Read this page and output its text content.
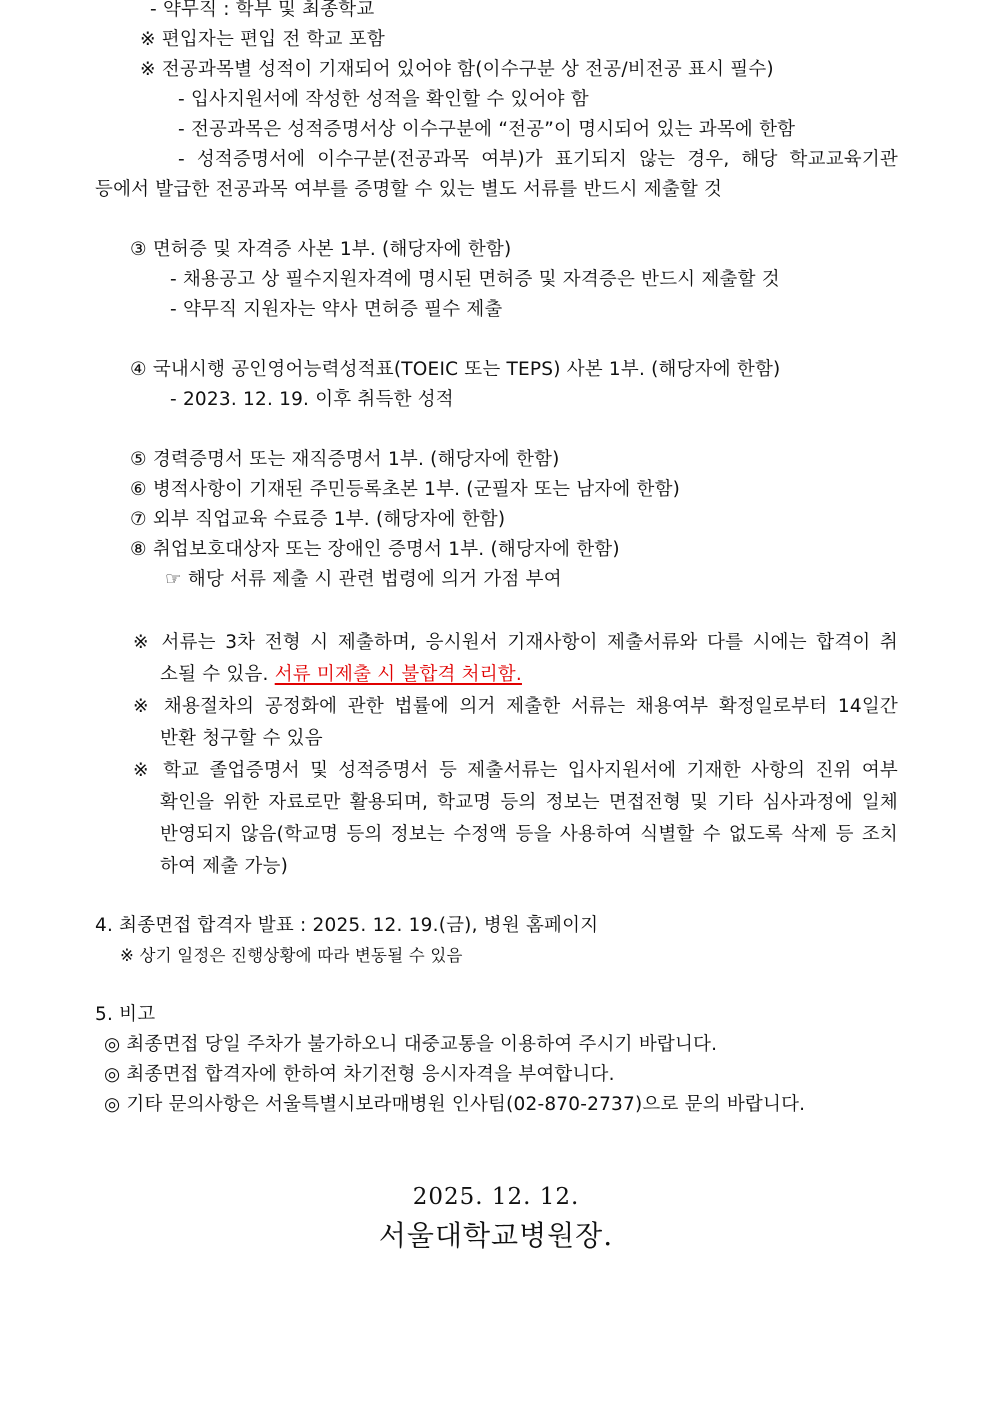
- 약무직 : 학부 및 최종학교
※ 편입자는 편입 전 학교 포함
※ 전공과목별 성적이 기재되어 있어야 함(이수구분 상 전공/비전공 표시 필수)
- 입사지원서에 작성한 성적을 확인할 수 있어야 함
- 전공과목은 성적증명서상 이수구분에 “전공”이 명시되어 있는 과목에 한함
- 성적증명서에 이수구분(전공과목 여부)가 표기되지 않는 경우, 해당 학교교육기관
등에서 발급한 전공과목 여부를 증명할 수 있는 별도 서류를 반드시 제출할 것
③ 면허증 및 자격증 사본 1부. (해당자에 한함)
- 채용공고 상 필수지원자격에 명시된 면허증 및 자격증은 반드시 제출할 것
- 약무직 지원자는 약사 면허증 필수 제출
④ 국내시행 공인영어능력성적표(TOEIC 또는 TEPS) 사본 1부. (해당자에 한함)
- 2023. 12. 19. 이후 취득한 성적
⑤ 경력증명서 또는 재직증명서 1부. (해당자에 한함)
⑥ 병적사항이 기재된 주민등록초본 1부. (군필자 또는 남자에 한함)
⑦ 외부 직업교육 수료증 1부. (해당자에 한함)
⑧ 취업보호대상자 또는 장애인 증명서 1부. (해당자에 한함)
☞ 해당 서류 제출 시 관련 법령에 의거 가점 부여
※ 서류는 3차 전형 시 제출하며, 응시원서 기재사항이 제출서류와 다를 시에는 합격이 취
소될 수 있음. 서류 미제출 시 불합격 처리함.
※ 채용절차의 공정화에 관한 법률에 의거 제출한 서류는 채용여부 확정일로부터 14일간
반환 청구할 수 있음
※ 학교 졸업증명서 및 성적증명서 등 제출서류는 입사지원서에 기재한 사항의 진위 여부
확인을 위한 자료로만 활용되며, 학교명 등의 정보는 면접전형 및 기타 심사과정에 일체
반영되지 않음(학교명 등의 정보는 수정액 등을 사용하여 식별할 수 없도록 삭제 등 조치
하여 제출 가능)
4. 최종면접 합격자 발표 : 2025. 12. 19.(금), 병원 홈페이지
※ 상기 일정은 진행상황에 따라 변동될 수 있음
5. 비고
◎ 최종면접 당일 주차가 불가하오니 대중교통을 이용하여 주시기 바랍니다.
◎ 최종면접 합격자에 한하여 차기전형 응시자격을 부여합니다.
◎ 기타 문의사항은 서울특별시보라매병원 인사팀(02-870-2737)으로 문의 바랍니다.
2025. 12. 12.
서울대학교병원장.
